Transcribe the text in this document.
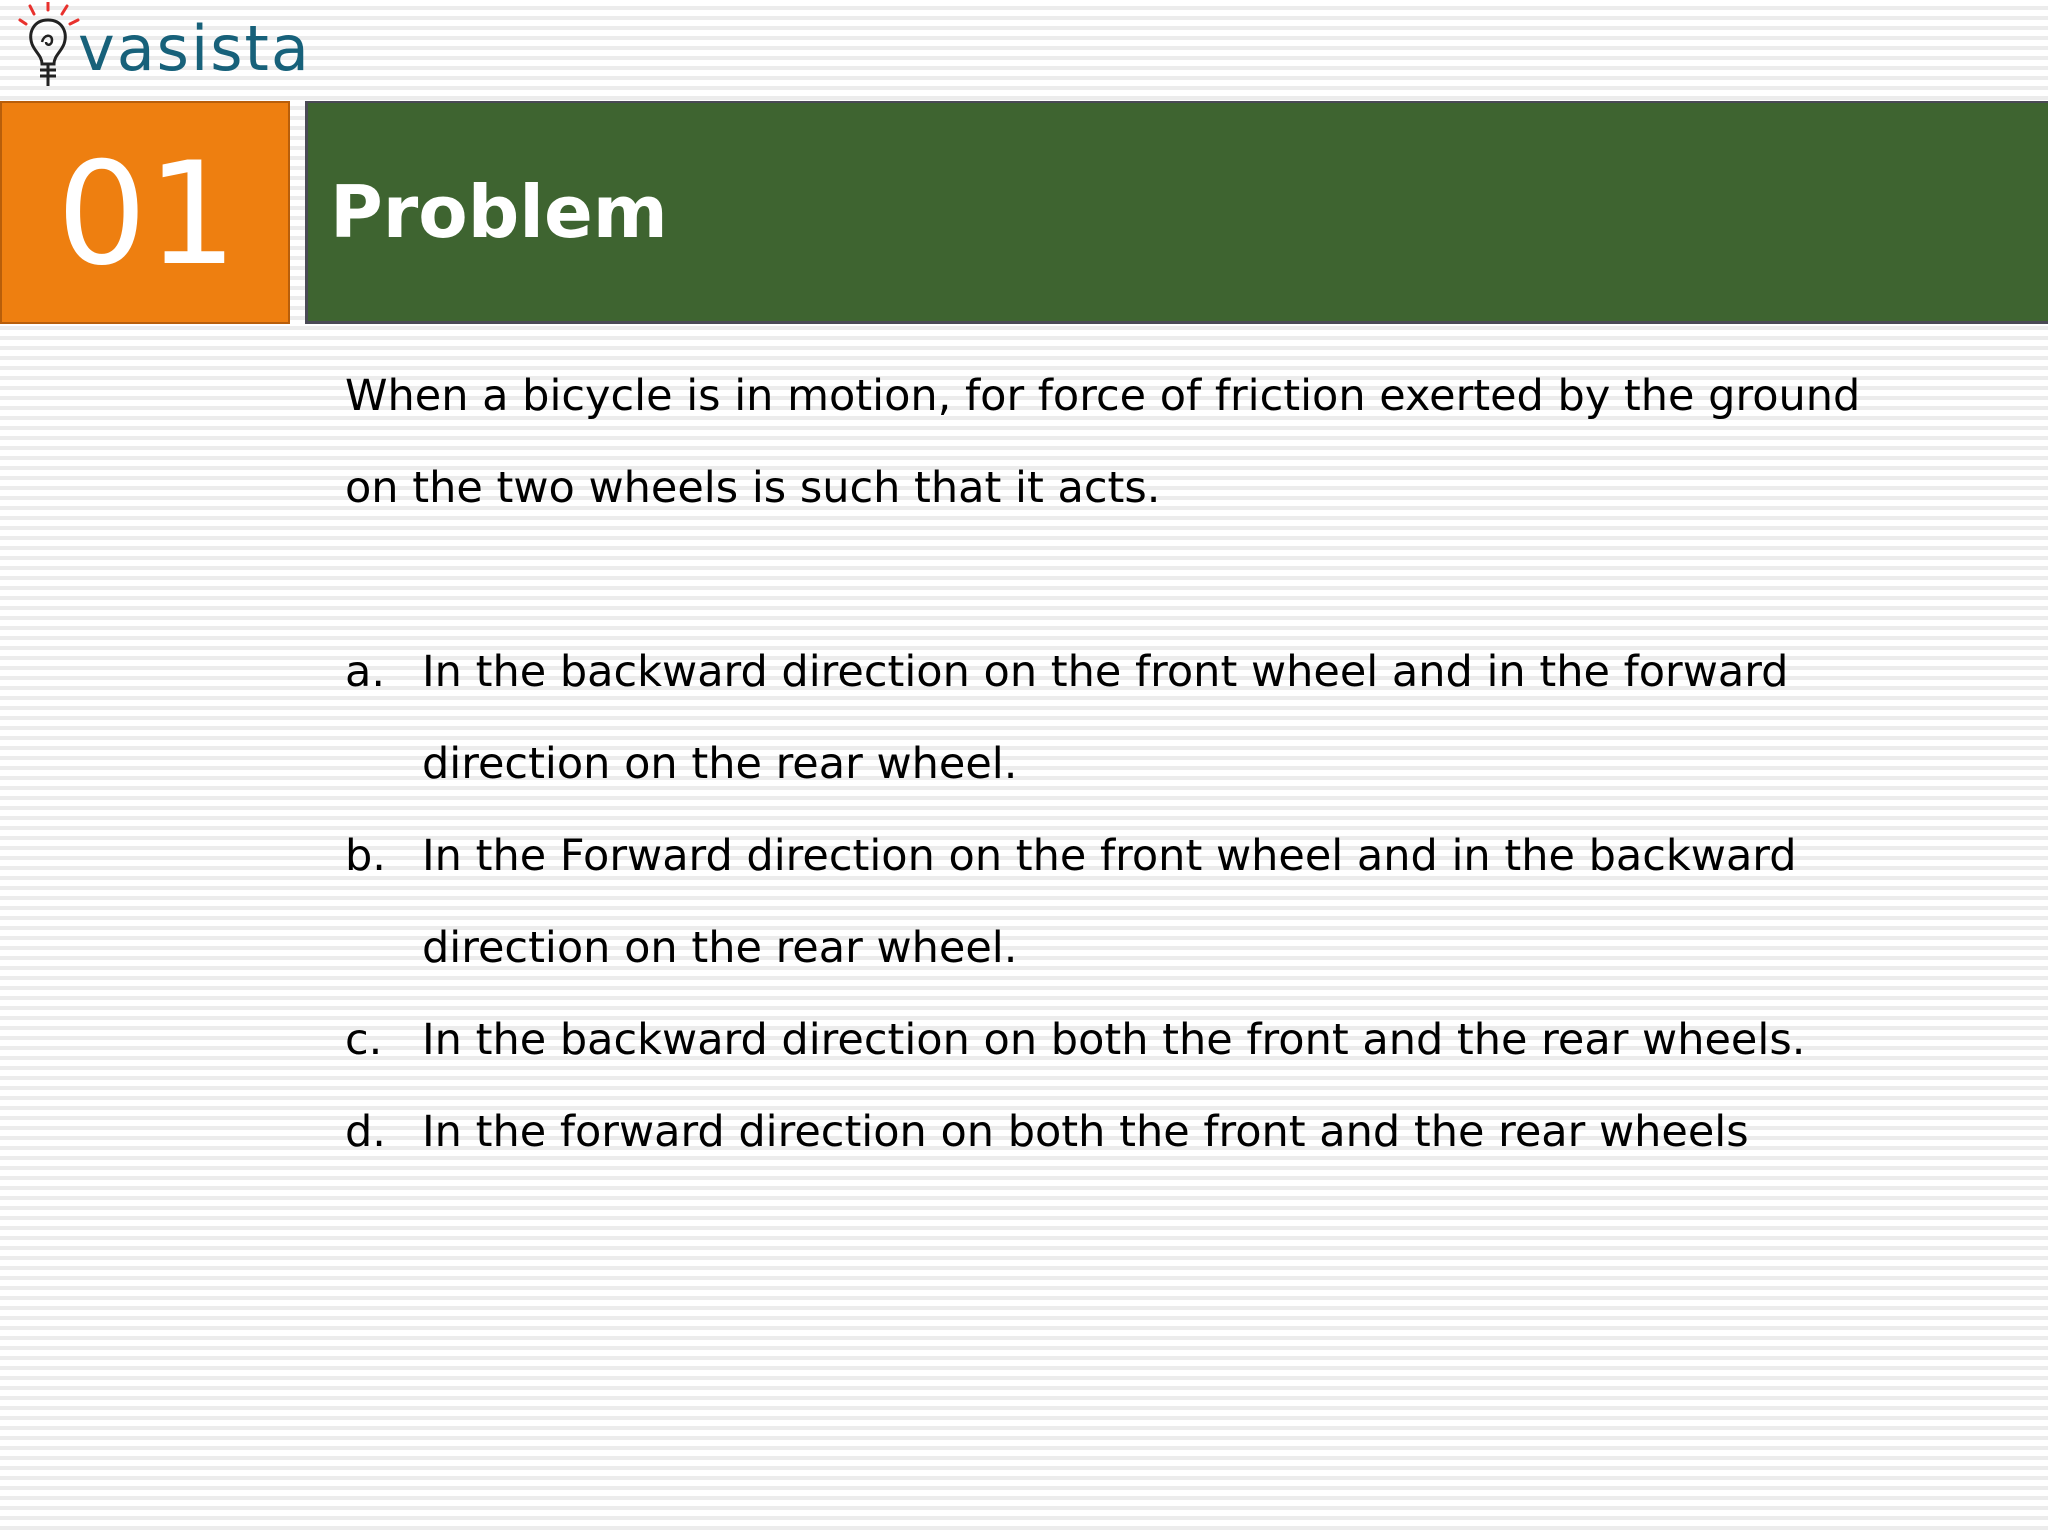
vasista
01	Problem

When a bicycle is in motion, for force of friction exerted by the ground on the two wheels is such that it acts.

a. In the backward direction on the front wheel and in the forward direction on the rear wheel.
b. In the Forward direction on the front wheel and in the backward direction on the rear wheel.
c. In the backward direction on both the front and the rear wheels.
d. In the forward direction on both the front and the rear wheels
